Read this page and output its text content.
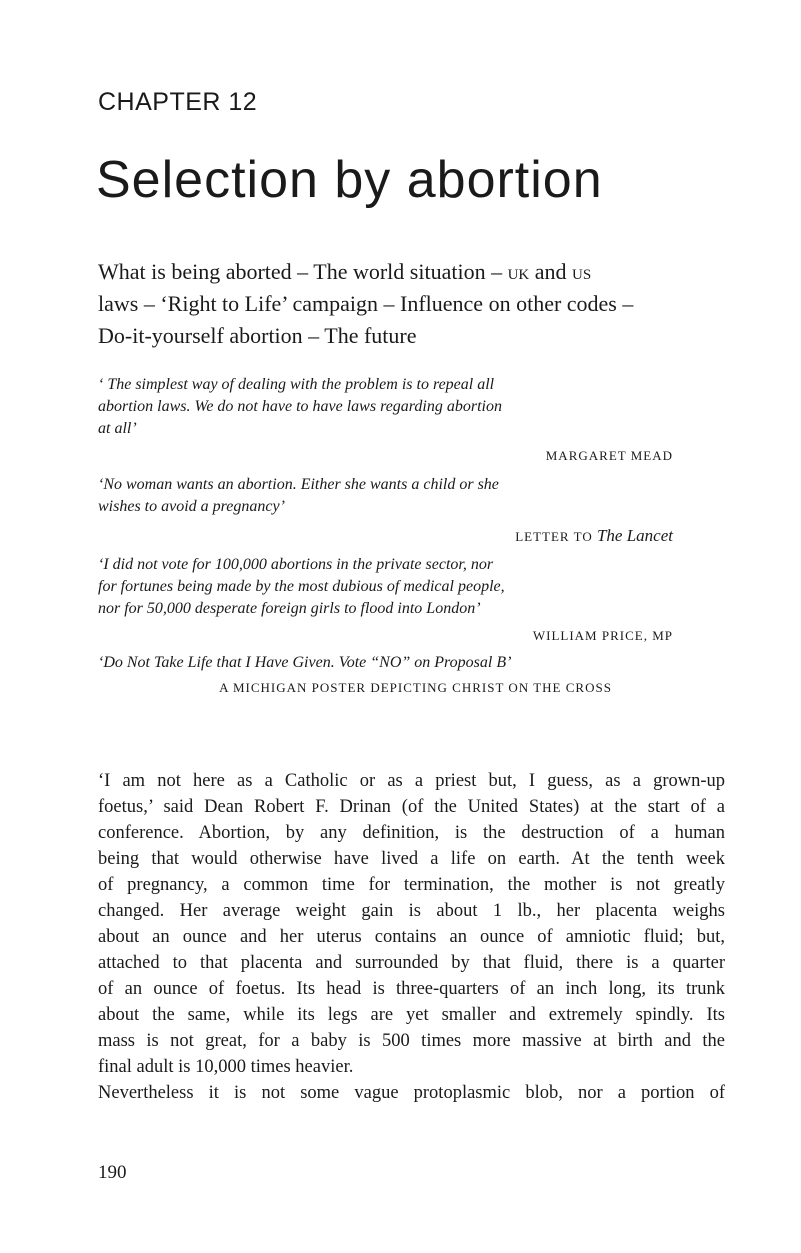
CHAPTER 12
Selection by abortion
What is being aborted – The world situation – uk and us
laws – ‘Right to Life’ campaign – Influence on other codes –
Do-it-yourself abortion – The future
‘ The simplest way of dealing with the problem is to repeal all
abortion laws. We do not have to have laws regarding abortion
at all’
MARGARET MEAD
‘No woman wants an abortion. Either she wants a child or she
wishes to avoid a pregnancy’
LETTER TO The Lancet
‘I did not vote for 100,000 abortions in the private sector, nor
for fortunes being made by the most dubious of medical people,
nor for 50,000 desperate foreign girls to flood into London’
WILLIAM PRICE, MP
‘Do Not Take Life that I Have Given. Vote “NO” on Proposal B’
A MICHIGAN POSTER DEPICTING CHRIST ON THE CROSS
‘I am not here as a Catholic or as a priest but, I guess, as a grown-up
foetus,’ said Dean Robert F. Drinan (of the United States) at the start of a
conference. Abortion, by any definition, is the destruction of a human
being that would otherwise have lived a life on earth. At the tenth week
of pregnancy, a common time for termination, the mother is not greatly
changed. Her average weight gain is about 1 lb., her placenta weighs
about an ounce and her uterus contains an ounce of amniotic fluid; but,
attached to that placenta and surrounded by that fluid, there is a quarter
of an ounce of foetus. Its head is three-quarters of an inch long, its trunk
about the same, while its legs are yet smaller and extremely spindly. Its
mass is not great, for a baby is 500 times more massive at birth and the
final adult is 10,000 times heavier.
Nevertheless it is not some vague protoplasmic blob, nor a portion of
190
